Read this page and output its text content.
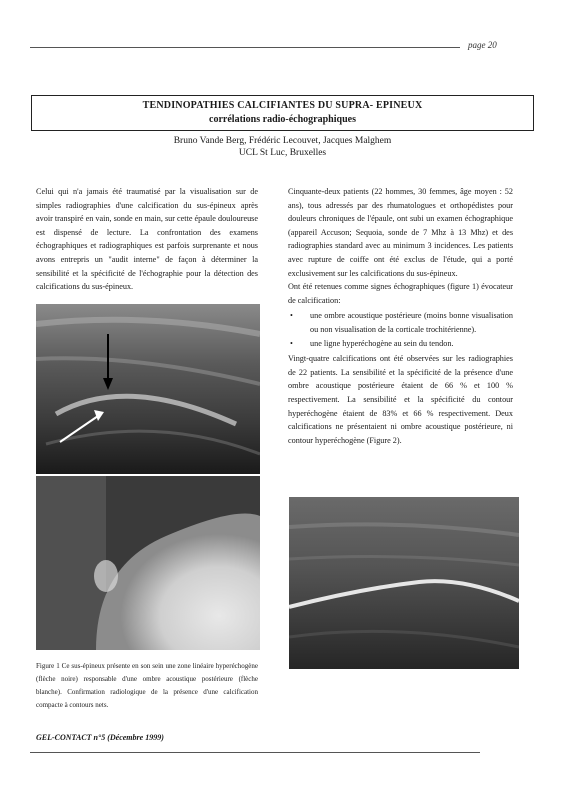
page 20
TENDINOPATHIES CALCIFIANTES DU SUPRA- EPINEUX
corrélations radio-échographiques
Bruno Vande Berg, Frédéric Lecouvet, Jacques Malghem
UCL St Luc, Bruxelles

Celui qui n'a jamais été traumatisé par la visualisation sur de simples radiographies d'une calcification du sus-épineux après avoir transpiré en vain, sonde en main, sur cette épaule douloureuse est dispensé de lecture. La confrontation des examens échographiques et radiographiques est parfois surprenante et nous avons entrepris un "audit interne" de façon à déterminer la sensibilité et la spécificité de l'échographie pour la détection des calcifications du sus-épineux.

Figure 1 Ce sus-épineux présente en son sein une zone linéaire hyperéchogène (flèche noire) responsable d'une ombre acoustique postérieure (flèche blanche). Confirmation radiologique de la présence d'une calcification compacte à contours nets.

Cinquante-deux patients (22 hommes, 30 femmes, âge moyen : 52 ans), tous adressés par des rhumatologues et orthopédistes pour douleurs chroniques de l'épaule, ont subi un examen échographique (appareil Accuson; Sequoia, sonde de 7 Mhz à 13 Mhz) et des radiographies standard avec au minimum 3 incidences. Les patients avec rupture de coiffe ont été exclus de l'étude, qui a porté exclusivement sur les calcifications du sus-épineux.

Ont été retenues comme signes échographiques (figure 1) évocateur de calcification:

• une ombre acoustique postérieure (moins bonne visualisation ou non visualisation de la corticale trochitérienne).
• une ligne hyperéchogène au sein du tendon.

Vingt-quatre calcifications ont été observées sur les radiographies de 22 patients. La sensibilité et la spécificité de la présence d'une ombre acoustique postérieure étaient de 66 % et 100 % respectivement. La sensibilité et la spécificité du contour hyperéchogène étaient de 83% et 66 % respectivement. Deux calcifications ne présentaient ni ombre acoustique postérieure, ni contour hyperéchogène (Figure 2).

GEL-CONTACT n°5 (Décembre 1999)
